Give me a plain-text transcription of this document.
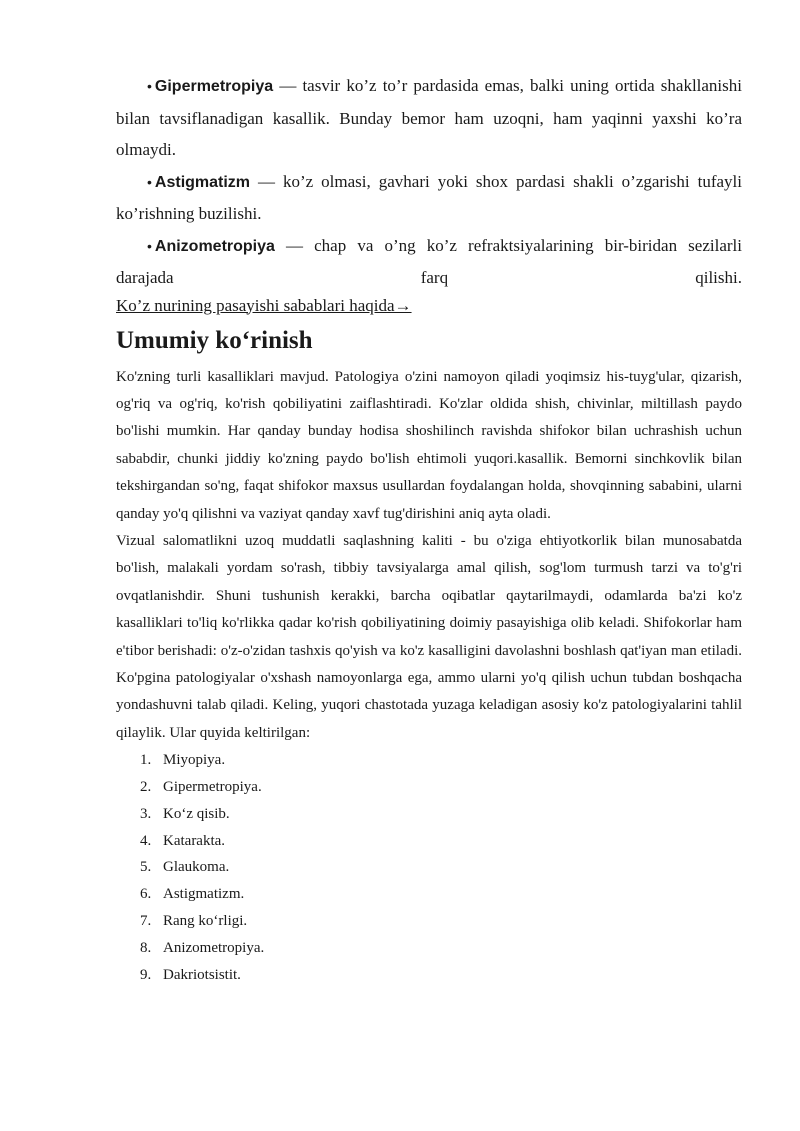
• Gipermetropiya — tasvir ko’z to’r pardasida emas, balki uning ortida shakllanishi bilan tavsiflanadigan kasallik. Bunday bemor ham uzoqni, ham yaqinni yaxshi ko’ra olmaydi.

• Astigmatizm — ko’z olmasi, gavhari yoki shox pardasi shakli o’zgarishi tufayli ko’rishning buzilishi.

• Anizometropiya — chap va o’ng ko’z refraktsiyalarining bir-biridan sezilarli darajada farq qilishi.

Ko’z nurining pasayishi sabablari haqida→
Umumiy ko‘rinish

Ko'zning turli kasalliklari mavjud. Patologiya o'zini namoyon qiladi yoqimsiz his-tuyg'ular, qizarish, og'riq va og'riq, ko'rish qobiliyatini zaiflashtiradi. Ko'zlar oldida shish, chivinlar, miltillash paydo bo'lishi mumkin. Har qanday bunday hodisa shoshilinch ravishda shifokor bilan uchrashish uchun sababdir, chunki jiddiy ko'zning paydo bo'lish ehtimoli yuqori.kasallik. Bemorni sinchkovlik bilan tekshirgandan so'ng, faqat shifokor maxsus usullardan foydalangan holda, shovqinning sababini, ularni qanday yo'q qilishni va vaziyat qanday xavf tug'dirishini aniq ayta oladi.

Vizual salomatlikni uzoq muddatli saqlashning kaliti - bu o'ziga ehtiyotkorlik bilan munosabatda bo'lish, malakali yordam so'rash, tibbiy tavsiyalarga amal qilish, sog'lom turmush tarzi va to'g'ri ovqatlanishdir. Shuni tushunish kerakki, barcha oqibatlar qaytarilmaydi, odamlarda ba'zi ko'z kasalliklari to'liq ko'rlikka qadar ko'rish qobiliyatining doimiy pasayishiga olib keladi. Shifokorlar ham e'tibor berishadi: o'z-o'zidan tashxis qo'yish va ko'z kasalligini davolashni boshlash qat'iyan man etiladi. Ko'pgina patologiyalar o'xshash namoyonlarga ega, ammo ularni yo'q qilish uchun tubdan boshqacha yondashuvni talab qiladi. Keling, yuqori chastotada yuzaga keladigan asosiy ko'z patologiyalarini tahlil qilaylik. Ular quyida keltirilgan:

1. Miyopiya.
2. Gipermetropiya.
3. Ko‘z qisib.
4. Katarakta.
5. Glaukoma.
6. Astigmatizm.
7. Rang ko‘rligi.
8. Anizometropiya.
9. Dakriotsistit.
